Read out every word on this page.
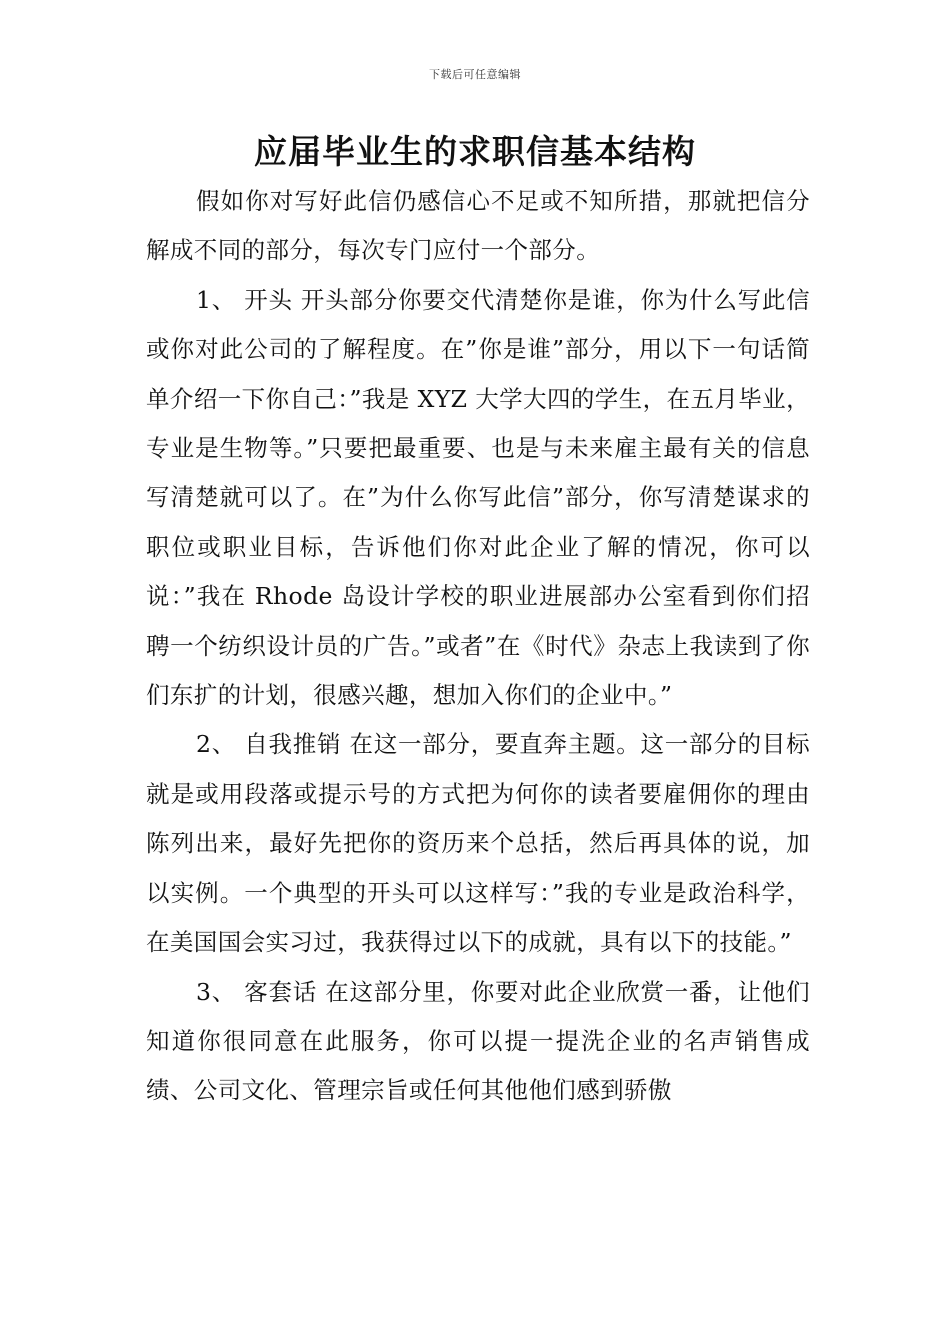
下载后可任意编辑
应届毕业生的求职信基本结构

假如你对写好此信仍感信心不足或不知所措，那就把信分解成不同的部分，每次专门应付一个部分。

1、 开头 开头部分你要交代清楚你是谁，你为什么写此信或你对此公司的了解程度。在”你是谁”部分，用以下一句话简单介绍一下你自己：”我是 XYZ 大学大四的学生，在五月毕业，专业是生物等。”只要把最重要、也是与未来雇主最有关的信息写清楚就可以了。在”为什么你写此信”部分，你写清楚谋求的职位或职业目标，告诉他们你对此企业了解的情况，你可以说：”我在 Rhode 岛设计学校的职业进展部办公室看到你们招聘一个纺织设计员的广告。”或者”在《时代》杂志上我读到了你们东扩的计划，很感兴趣，想加入你们的企业中。”

2、 自我推销 在这一部分，要直奔主题。这一部分的目标就是或用段落或提示号的方式把为何你的读者要雇佣你的理由陈列出来，最好先把你的资历来个总括，然后再具体的说，加以实例。一个典型的开头可以这样写：”我的专业是政治科学，在美国国会实习过，我获得过以下的成就，具有以下的技能。”

3、 客套话 在这部分里，你要对此企业欣赏一番，让他们知道你很同意在此服务，你可以提一提洗企业的名声销售成绩、公司文化、管理宗旨或任何其他他们感到骄傲
